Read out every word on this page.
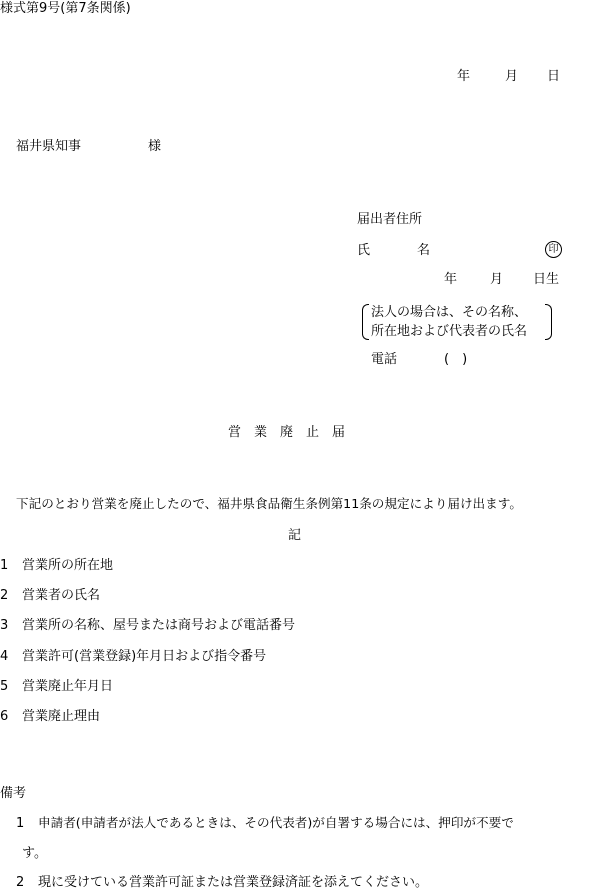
様式第9号(第7条関係)
年	月 日
福井県知事	様
届出者住所
氏	名	印
年	月 日生
法人の場合は、その名称、
所在地および代表者の氏名
電話	(　)
営業廃止届
下記のとおり営業を廃止したので、福井県食品衛生条例第11条の規定により届け出ます。
記
1 営業所の所在地
2 営業者の氏名
3 営業所の名称、屋号または商号および電話番号
4 営業許可(営業登録)年月日および指令番号
5 営業廃止年月日
6 営業廃止理由
備考
1 申請者(申請者が法人であるときは、その代表者)が自署する場合には、押印が不要で
す。
2 現に受けている営業許可証または営業登録済証を添えてください。
